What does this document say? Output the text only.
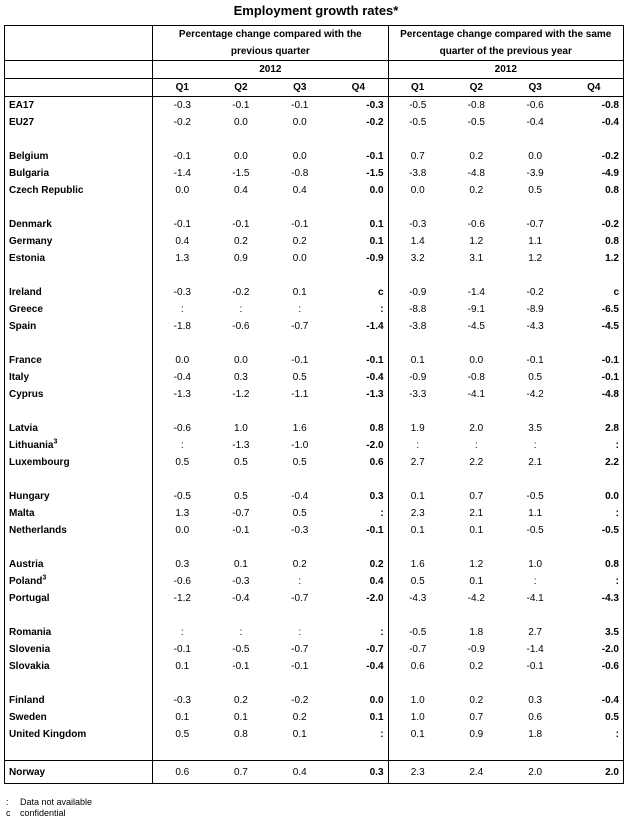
Employment growth rates*
	Percentage change compared with the previous quarter				Percentage change compared with the same quarter of the previous year			
	2012				2012			
	Q1	Q2	Q3	Q4	Q1	Q2	Q3	Q4
EA17	-0.3	-0.1	-0.1	-0.3	-0.5	-0.8	-0.6	-0.8
EU27	-0.2	0.0	0.0	-0.2	-0.5	-0.5	-0.4	-0.4

Belgium	-0.1	0.0	0.0	-0.1	0.7	0.2	0.0	-0.2
Bulgaria	-1.4	-1.5	-0.8	-1.5	-3.8	-4.8	-3.9	-4.9
Czech Republic	0.0	0.4	0.4	0.0	0.0	0.2	0.5	0.8

Denmark	-0.1	-0.1	-0.1	0.1	-0.3	-0.6	-0.7	-0.2
Germany	0.4	0.2	0.2	0.1	1.4	1.2	1.1	0.8
Estonia	1.3	0.9	0.0	-0.9	3.2	3.1	1.2	1.2

Ireland	-0.3	-0.2	0.1	c	-0.9	-1.4	-0.2	c
Greece	:	:	:	:	-8.8	-9.1	-8.9	-6.5
Spain	-1.8	-0.6	-0.7	-1.4	-3.8	-4.5	-4.3	-4.5

France	0.0	0.0	-0.1	-0.1	0.1	0.0	-0.1	-0.1
Italy	-0.4	0.3	0.5	-0.4	-0.9	-0.8	0.5	-0.1
Cyprus	-1.3	-1.2	-1.1	-1.3	-3.3	-4.1	-4.2	-4.8

Latvia	-0.6	1.0	1.6	0.8	1.9	2.0	3.5	2.8
Lithuania$^3$	:	-1.3	-1.0	-2.0	:	:	:	:
Luxembourg	0.5	0.5	0.5	0.6	2.7	2.2	2.1	2.2

Hungary	-0.5	0.5	-0.4	0.3	0.1	0.7	-0.5	0.0
Malta	1.3	-0.7	0.5	:	2.3	2.1	1.1	:
Netherlands	0.0	-0.1	-0.3	-0.1	0.1	0.1	-0.5	-0.5

Austria	0.3	0.1	0.2	0.2	1.6	1.2	1.0	0.8
Poland$^3$	-0.6	-0.3	:	0.4	0.5	0.1	:	:
Portugal	-1.2	-0.4	-0.7	-2.0	-4.3	-4.2	-4.1	-4.3

Romania	:	:	:	:	-0.5	1.8	2.7	3.5
Slovenia	-0.1	-0.5	-0.7	-0.7	-0.7	-0.9	-1.4	-2.0
Slovakia	0.1	-0.1	-0.1	-0.4	0.6	0.2	-0.1	-0.6

Finland	-0.3	0.2	-0.2	0.0	1.0	0.2	0.3	-0.4
Sweden	0.1	0.1	0.2	0.1	1.0	0.7	0.6	0.5
United Kingdom	0.5	0.8	0.1	:	0.1	0.9	1.8	:

Norway	0.6	0.7	0.4	0.3	2.3	2.4	2.0	2.0
: Data not available
c confidential
